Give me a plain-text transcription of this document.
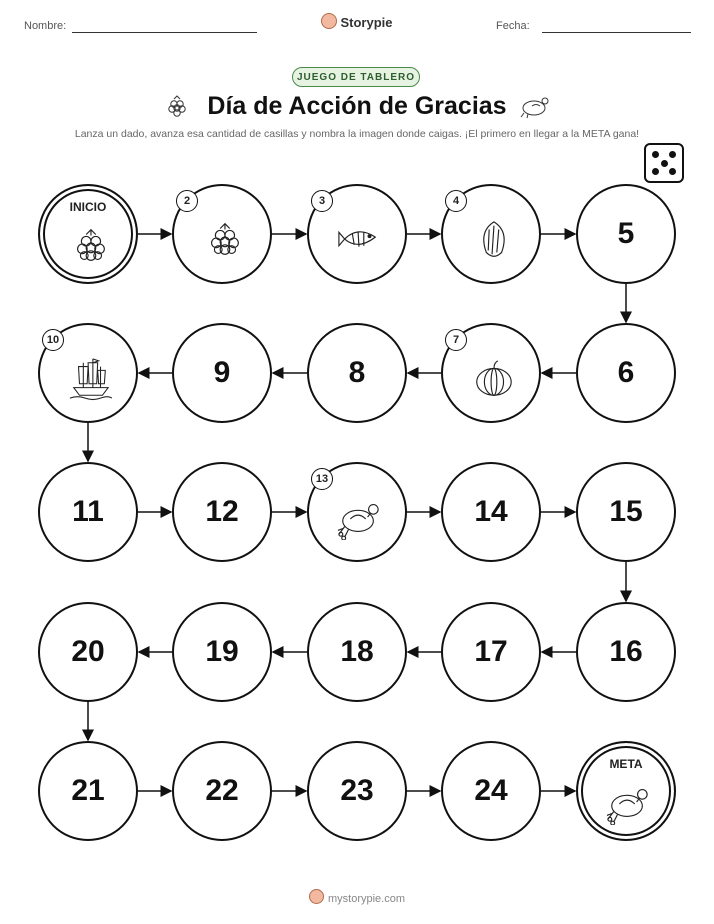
Nombre:	Storypie	Fecha:
JUEGO DE TABLERO
Día de Acción de Gracias
Lanza un dado, avanza esa cantidad de casillas y nombra la imagen donde caigas. ¡El primero en llegar a la META gana!
META
24
23
22
21
20	19	18	17	16
15
14
12
11
9	8	6
5
INICIO	2	3	4
7
10
13
mystorypie.com
